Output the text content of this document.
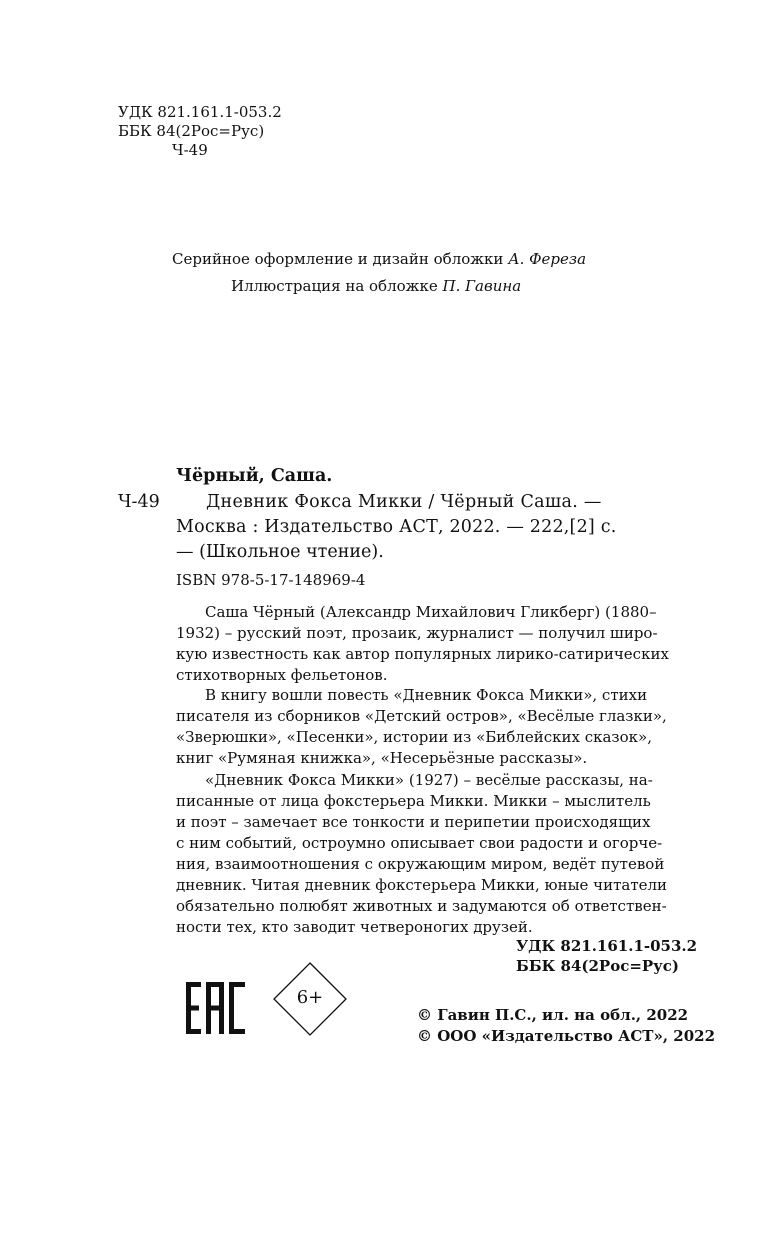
УДК 821.161.1-053.2
ББК 84(2Рос=Рус)
Ч-49
Серийное оформление и дизайн обложки А. Фереза
Иллюстрация на обложке П. Гавина
Чёрный, Саша.
Ч-49	Дневник Фокса Микки / Чёрный Саша. —
Москва : Издательство АСТ, 2022. — 222,[2] с.
— (Школьное чтение).
ISBN 978-5-17-148969-4
Саша Чёрный (Александр Михайлович Гликберг) (1880–
1932) – русский поэт, прозаик, журналист — получил широ-
кую известность как автор популярных лирико-сатирических
стихотворных фельетонов.
В книгу вошли повесть «Дневник Фокса Микки», стихи
писателя из сборников «Детский остров», «Весёлые глазки»,
«Зверюшки», «Песенки», истории из «Библейских сказок»,
книг «Румяная книжка», «Несерьёзные рассказы».
«Дневник Фокса Микки» (1927) – весёлые рассказы, на-
писанные от лица фокстерьера Микки. Микки – мыслитель
и поэт – замечает все тонкости и перипетии происходящих
с ним событий, остроумно описывает свои радости и огорче-
ния, взаимоотношения с окружающим миром, ведёт путевой
дневник. Читая дневник фокстерьера Микки, юные читатели
обязательно полюбят животных и задумаются об ответствен-
ности тех, кто заводит четвероногих друзей.
УДК 821.161.1-053.2
ББК 84(2Рос=Рус)
6+
© Гавин П.С., ил. на обл., 2022
© ООО «Издательство АСТ», 2022
